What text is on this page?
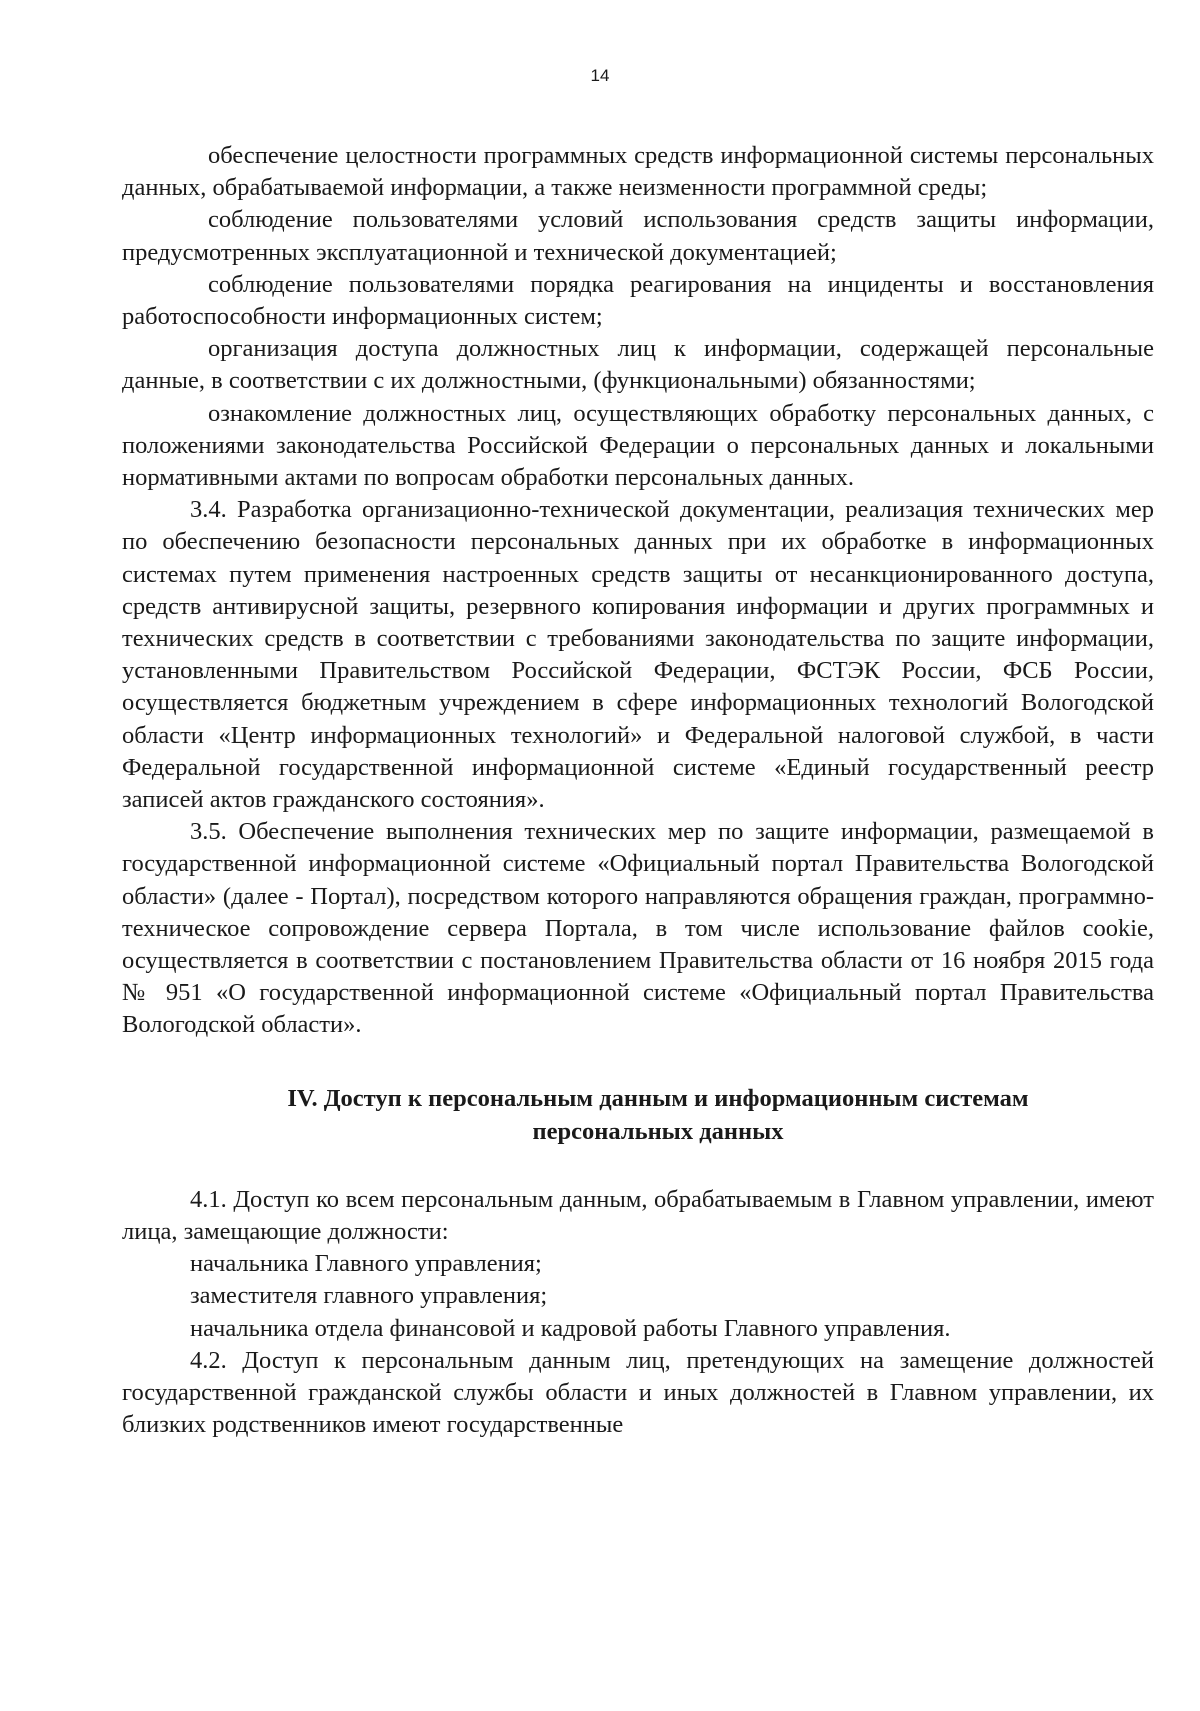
14

обеспечение целостности программных средств информационной системы персональных данных, обрабатываемой информации, а также неизменности программной среды;

соблюдение пользователями условий использования средств защиты информации, предусмотренных эксплуатационной и технической документацией;

соблюдение пользователями порядка реагирования на инциденты и восстановления работоспособности информационных систем;

организация доступа должностных лиц к информации, содержащей персональные данные, в соответствии с их должностными, (функциональными) обязанностями;

ознакомление должностных лиц, осуществляющих обработку персональных данных, с положениями законодательства Российской Федерации о персональных данных и локальными нормативными актами по вопросам обработки персональных данных.

3.4. Разработка организационно-технической документации, реализация технических мер по обеспечению безопасности персональных данных при их обработке в информационных системах путем применения настроенных средств защиты от несанкционированного доступа, средств антивирусной защиты, резервного копирования информации и других программных и технических средств в соответствии с требованиями законодательства по защите информации, установленными Правительством Российской Федерации, ФСТЭК России, ФСБ России, осуществляется бюджетным учреждением в сфере информационных технологий Вологодской области «Центр информационных технологий» и Федеральной налоговой службой, в части Федеральной государственной информационной системе «Единый государственный реестр записей актов гражданского состояния».

3.5. Обеспечение выполнения технических мер по защите информации, размещаемой в государственной информационной системе «Официальный портал Правительства Вологодской области» (далее - Портал), посредством которого направляются обращения граждан, программно-техническое сопровождение сервера Портала, в том числе использование файлов cookie, осуществляется в соответствии с постановлением Правительства области от 16 ноября 2015 года № 951 «О государственной информационной системе «Официальный портал Правительства Вологодской области».

IV. Доступ к персональным данным и информационным системам
персональных данных

4.1. Доступ ко всем персональным данным, обрабатываемым в Главном управлении, имеют лица, замещающие должности:

начальника Главного управления;

заместителя главного управления;

начальника отдела финансовой и кадровой работы Главного управления.

4.2. Доступ к персональным данным лиц, претендующих на замещение должностей государственной гражданской службы области и иных должностей в Главном управлении, их близких родственников имеют государственные
